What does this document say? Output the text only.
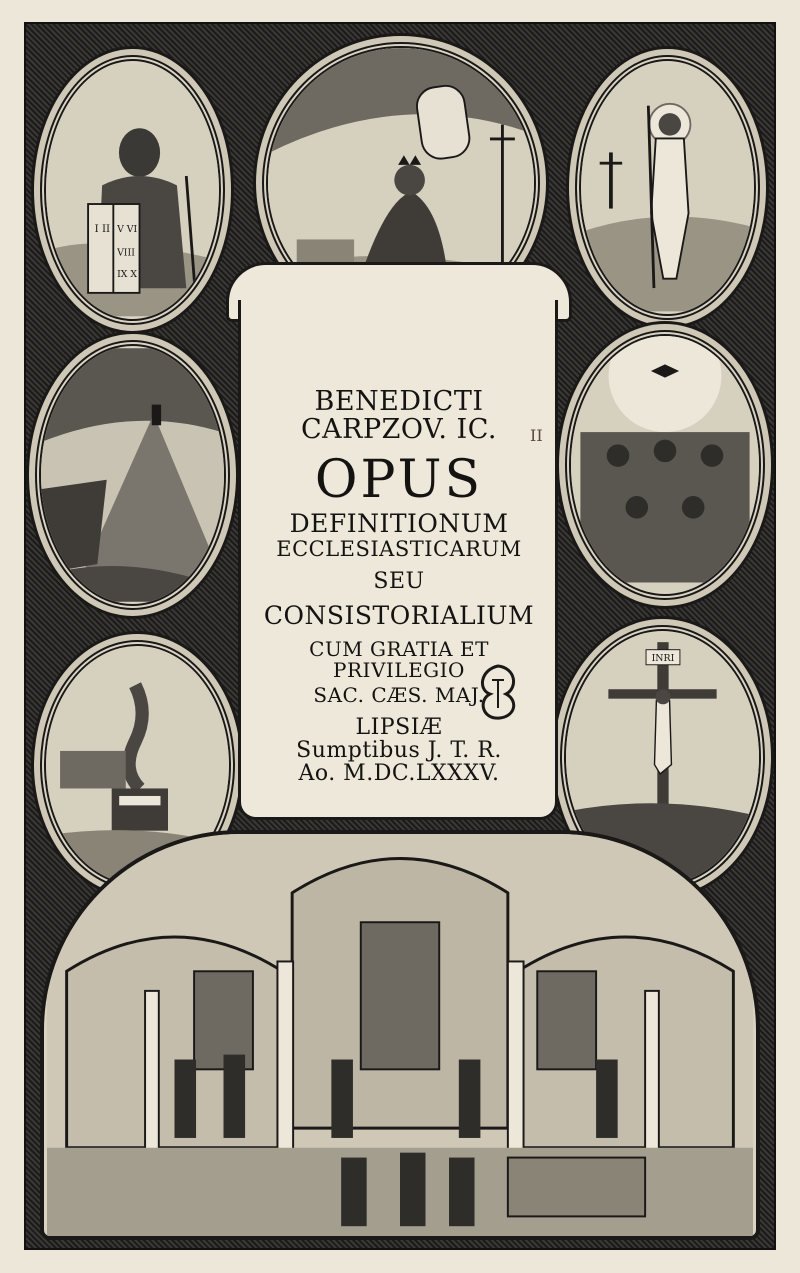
I II V VI
VIII
IX X
INRI
BENEDICTI CARPZOV. IC.
OPUS
DEFINITIONUM
ECCLESIASTICARUM
SEU
CONSISTORIALIUM
CUM GRATIA ET PRIVILEGIO
SAC. CÆS. MAJ.
LIPSIÆ
Sumptibus J. T. R.
Ao. M.DC.LXXXV.
II
